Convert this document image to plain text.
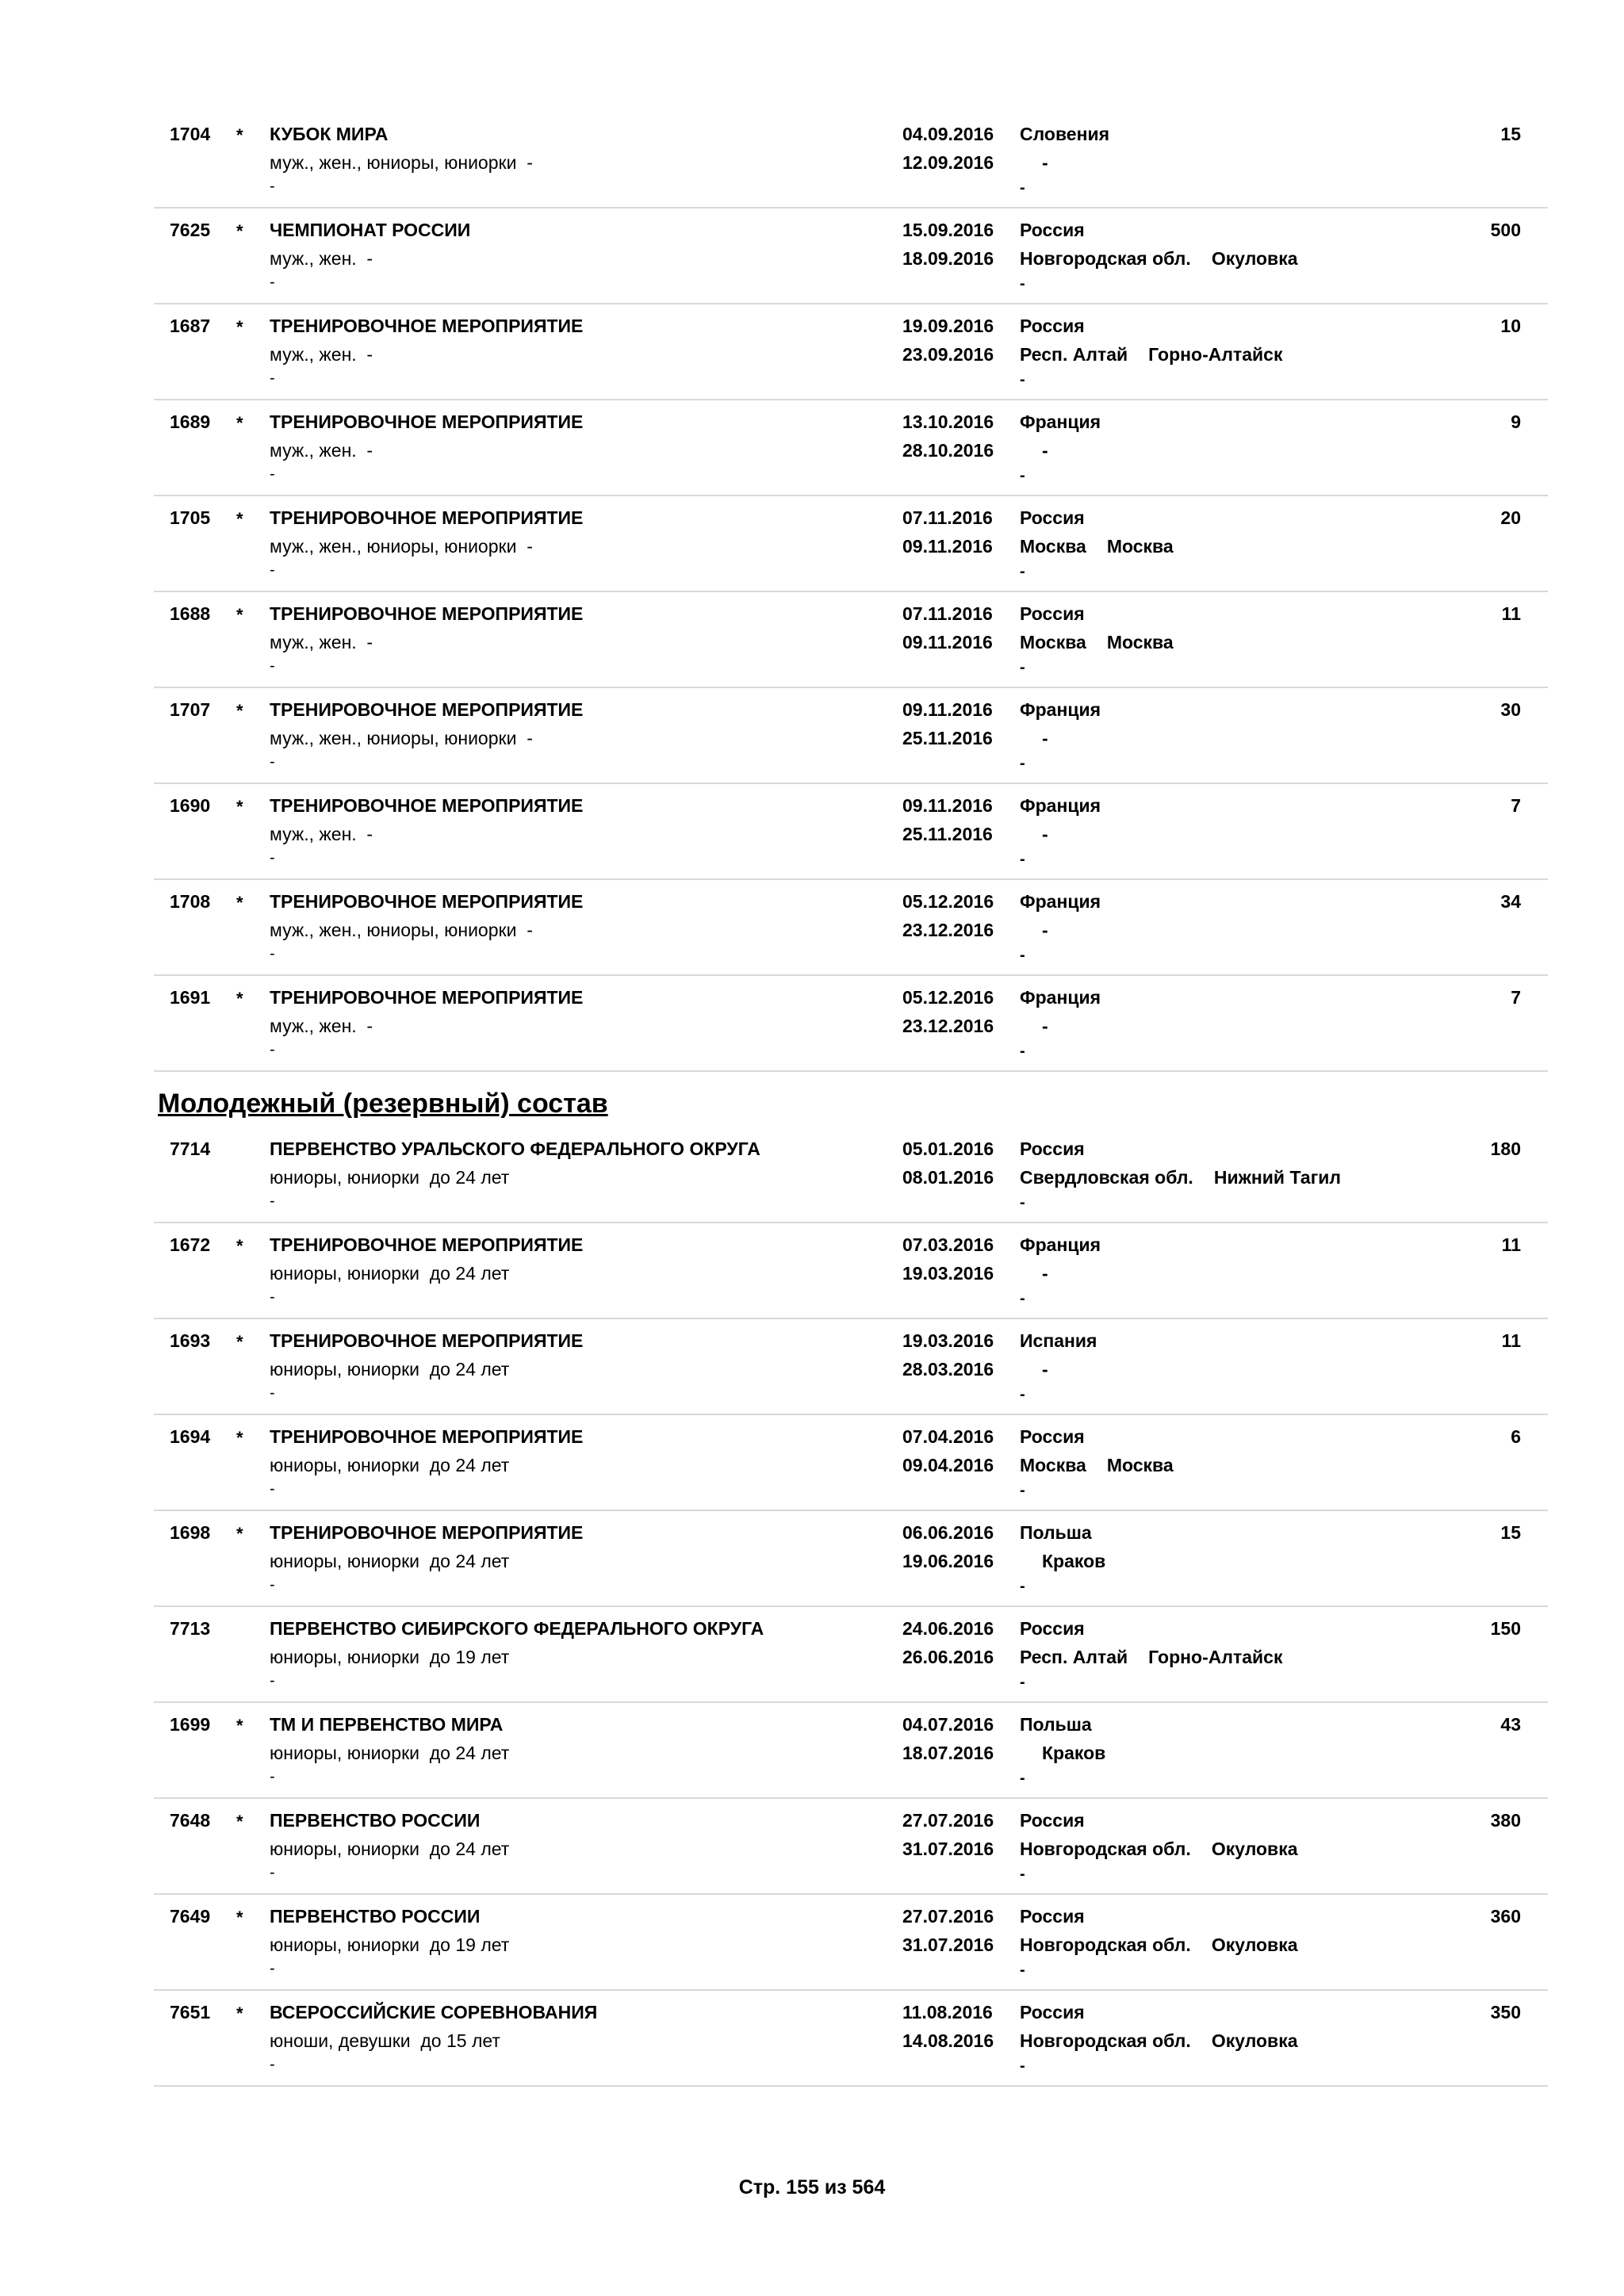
1704 * КУБОК МИРА
муж., жен., юниоры, юниорки  -
-
04.09.2016
12.09.2016
Словения
-
-
15
7625 * ЧЕМПИОНАТ РОССИИ
муж., жен.  -
-
15.09.2016
18.09.2016
Россия
Новгородская обл. Окуловка
-
500
1687 * ТРЕНИРОВОЧНОЕ МЕРОПРИЯТИЕ
муж., жен.  -
-
19.09.2016
23.09.2016
Россия
Респ. Алтай Горно-Алтайск
-
10
1689 * ТРЕНИРОВОЧНОЕ МЕРОПРИЯТИЕ
муж., жен.  -
-
13.10.2016
28.10.2016
Франция
-
-
9
1705 * ТРЕНИРОВОЧНОЕ МЕРОПРИЯТИЕ
муж., жен., юниоры, юниорки  -
-
07.11.2016
09.11.2016
Россия
Москва Москва
-
20
1688 * ТРЕНИРОВОЧНОЕ МЕРОПРИЯТИЕ
муж., жен.  -
-
07.11.2016
09.11.2016
Россия
Москва Москва
-
11
1707 * ТРЕНИРОВОЧНОЕ МЕРОПРИЯТИЕ
муж., жен., юниоры, юниорки  -
-
09.11.2016
25.11.2016
Франция
-
-
30
1690 * ТРЕНИРОВОЧНОЕ МЕРОПРИЯТИЕ
муж., жен.  -
-
09.11.2016
25.11.2016
Франция
-
-
7
1708 * ТРЕНИРОВОЧНОЕ МЕРОПРИЯТИЕ
муж., жен., юниоры, юниорки  -
-
05.12.2016
23.12.2016
Франция
-
-
34
1691 * ТРЕНИРОВОЧНОЕ МЕРОПРИЯТИЕ
муж., жен.  -
-
05.12.2016
23.12.2016
Франция
-
-
7
Молодежный (резервный) состав
7714	ПЕРВЕНСТВО УРАЛЬСКОГО ФЕДЕРАЛЬНОГО ОКРУГА
юниоры, юниорки  до 24 лет
-
05.01.2016
08.01.2016
Россия
Свердловская обл. Нижний Тагил
-
180
1672 * ТРЕНИРОВОЧНОЕ МЕРОПРИЯТИЕ
юниоры, юниорки  до 24 лет
-
07.03.2016
19.03.2016
Франция
-
-
11
1693 * ТРЕНИРОВОЧНОЕ МЕРОПРИЯТИЕ
юниоры, юниорки  до 24 лет
-
19.03.2016
28.03.2016
Испания
-
-
11
1694 * ТРЕНИРОВОЧНОЕ МЕРОПРИЯТИЕ
юниоры, юниорки  до 24 лет
-
07.04.2016
09.04.2016
Россия
Москва Москва
-
6
1698 * ТРЕНИРОВОЧНОЕ МЕРОПРИЯТИЕ
юниоры, юниорки  до 24 лет
-
06.06.2016
19.06.2016
Польша
Краков
-
15
7713	ПЕРВЕНСТВО СИБИРСКОГО ФЕДЕРАЛЬНОГО ОКРУГА
юниоры, юниорки  до 19 лет
-
24.06.2016
26.06.2016
Россия
Респ. Алтай Горно-Алтайск
-
150
1699 * ТМ И ПЕРВЕНСТВО МИРА
юниоры, юниорки  до 24 лет
-
04.07.2016
18.07.2016
Польша
Краков
-
43
7648 * ПЕРВЕНСТВО РОССИИ
юниоры, юниорки  до 24 лет
-
27.07.2016
31.07.2016
Россия
Новгородская обл. Окуловка
-
380
7649 * ПЕРВЕНСТВО РОССИИ
юниоры, юниорки  до 19 лет
-
27.07.2016
31.07.2016
Россия
Новгородская обл. Окуловка
-
360
7651 * ВСЕРОССИЙСКИЕ СОРЕВНОВАНИЯ
юноши, девушки  до 15 лет
-
11.08.2016
14.08.2016
Россия
Новгородская обл. Окуловка
-
350
Стр. 155 из 564
